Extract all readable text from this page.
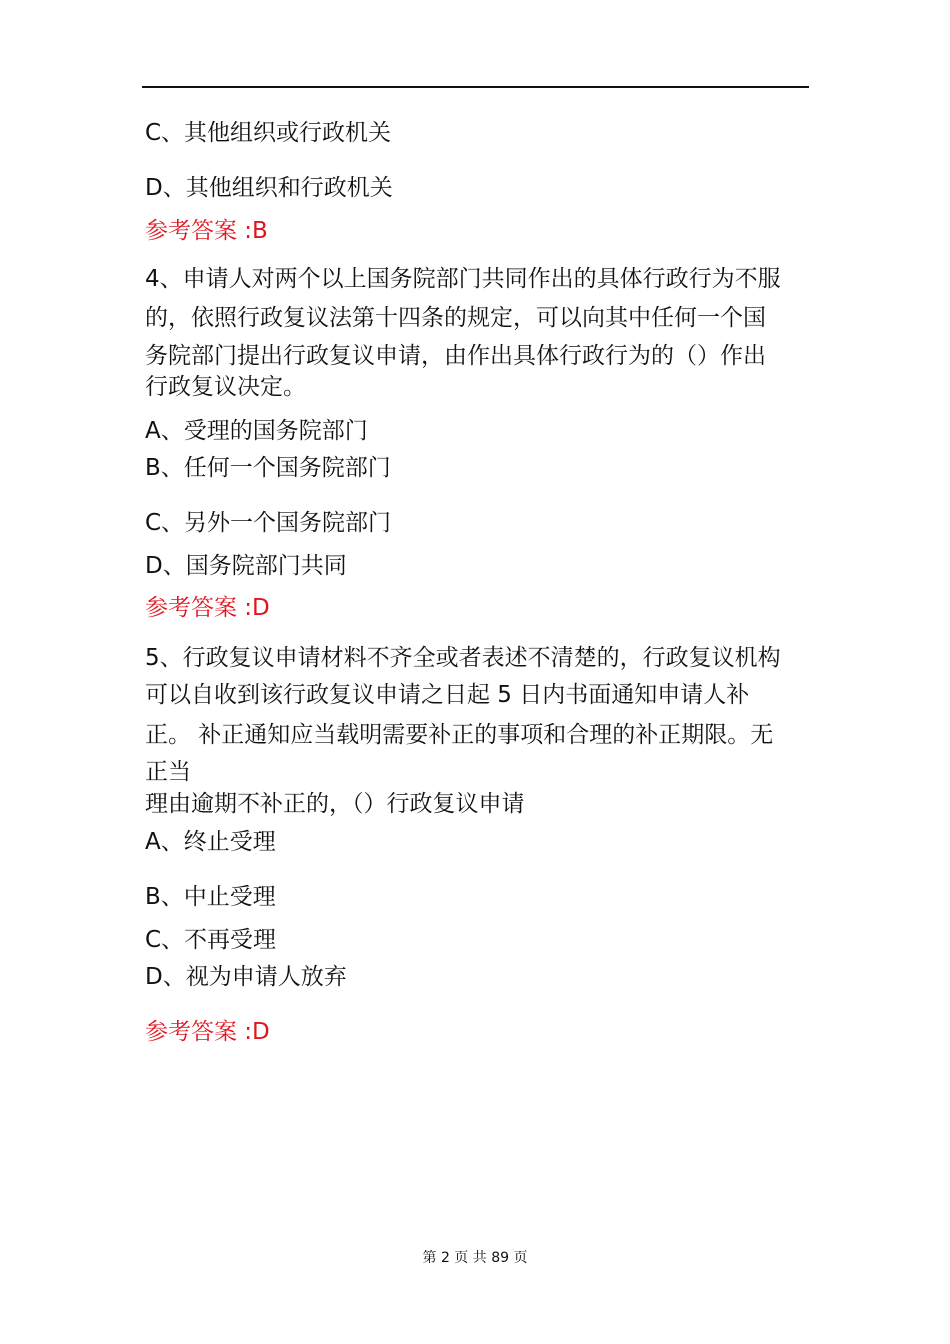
C、其他组织或行政机关
D、其他组织和行政机关
参考答案 :B
4、申请人对两个以上国务院部门共同作出的具体行政行为不服
的，依照行政复议法第十四条的规定，可以向其中任何一个国
务院部门提出行政复议申请，由作出具体行政行为的（）作出
行政复议决定。
A、受理的国务院部门
B、任何一个国务院部门
C、另外一个国务院部门
D、国务院部门共同
参考答案 :D
5、行政复议申请材料不齐全或者表述不清楚的，行政复议机构
可以自收到该行政复议申请之日起 5 日内书面通知申请人补
正。 补正通知应当载明需要补正的事项和合理的补正期限。无
正当
理由逾期不补正的，（）行政复议申请
A、终止受理
B、中止受理
C、不再受理
D、视为申请人放弃
参考答案 :D
第 2 页 共 89 页
